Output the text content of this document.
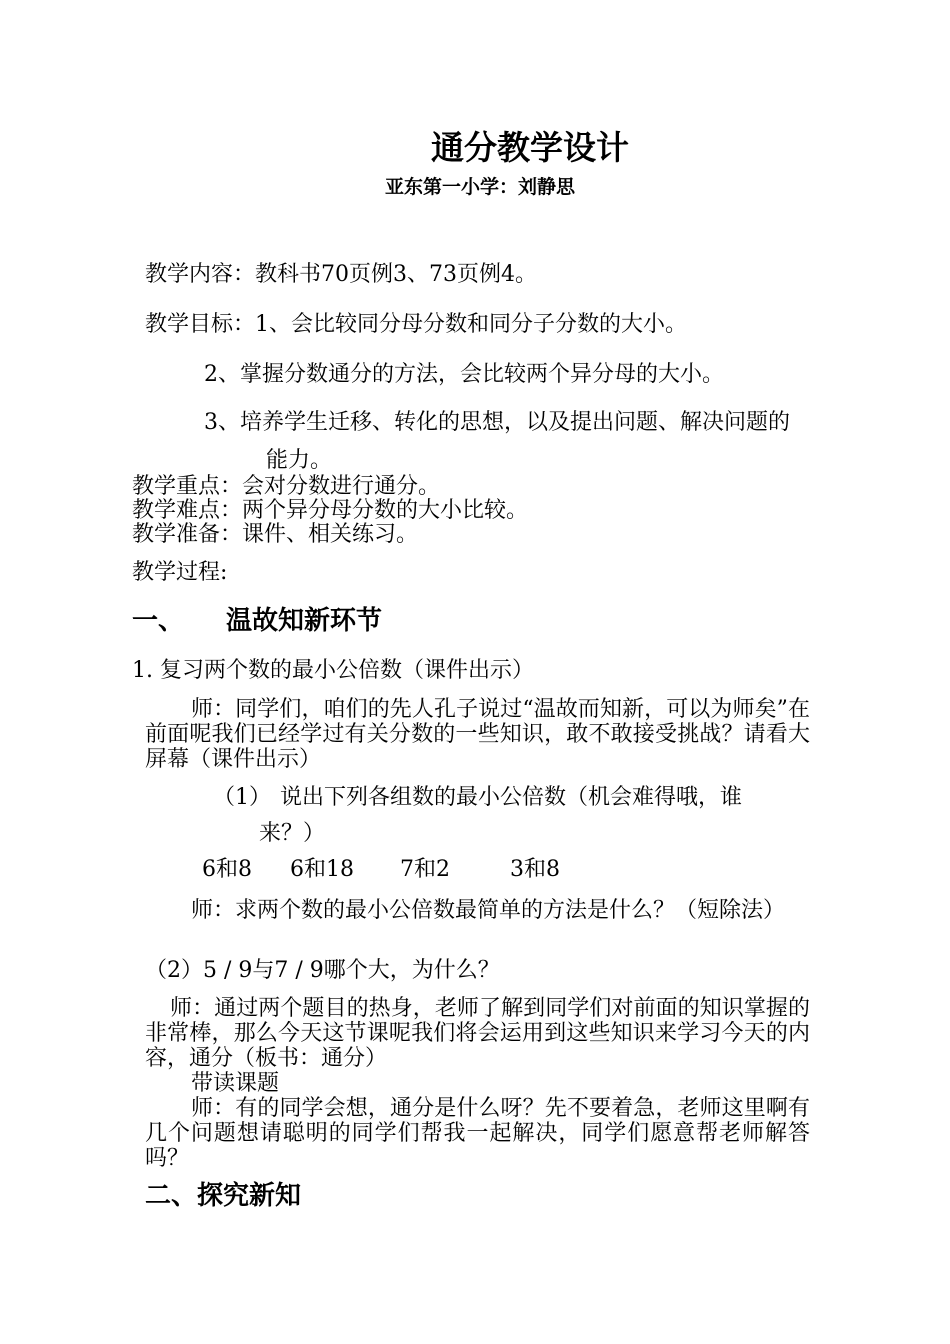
通分教学设计
亚东第一小学：刘静思
教学内容：教科书70页例3、73页例4。
教学目标：1、会比较同分母分数和同分子分数的大小。
2、掌握分数通分的方法，会比较两个异分母的大小。
3、培养学生迁移、转化的思想，以及提出问题、解决问题的
能力。
教学重点：会对分数进行通分。
教学难点：两个异分母分数的大小比较。
教学准备：课件、相关练习。
教学过程:
一、 温故知新环节
1. 复习两个数的最小公倍数（课件出示）
师：同学们，咱们的先人孔子说过“温故而知新，可以为师矣”在前面呢我们已经学过有关分数的一些知识，敢不敢接受挑战？请看大屏幕（课件出示）
（1） 说出下列各组数的最小公倍数（机会难得哦，谁
来？）
6和8 6和18 7和2	3和8
师：求两个数的最小公倍数最简单的方法是什么？（短除法）
（2）5 / 9与7 / 9哪个大，为什么？
师：通过两个题目的热身，老师了解到同学们对前面的知识掌握的非常棒，那么今天这节课呢我们将会运用到这些知识来学习今天的内容，通分（板书：通分）
带读课题
师：有的同学会想，通分是什么呀？先不要着急，老师这里啊有几个问题想请聪明的同学们帮我一起解决，同学们愿意帮老师解答吗？
二、探究新知
